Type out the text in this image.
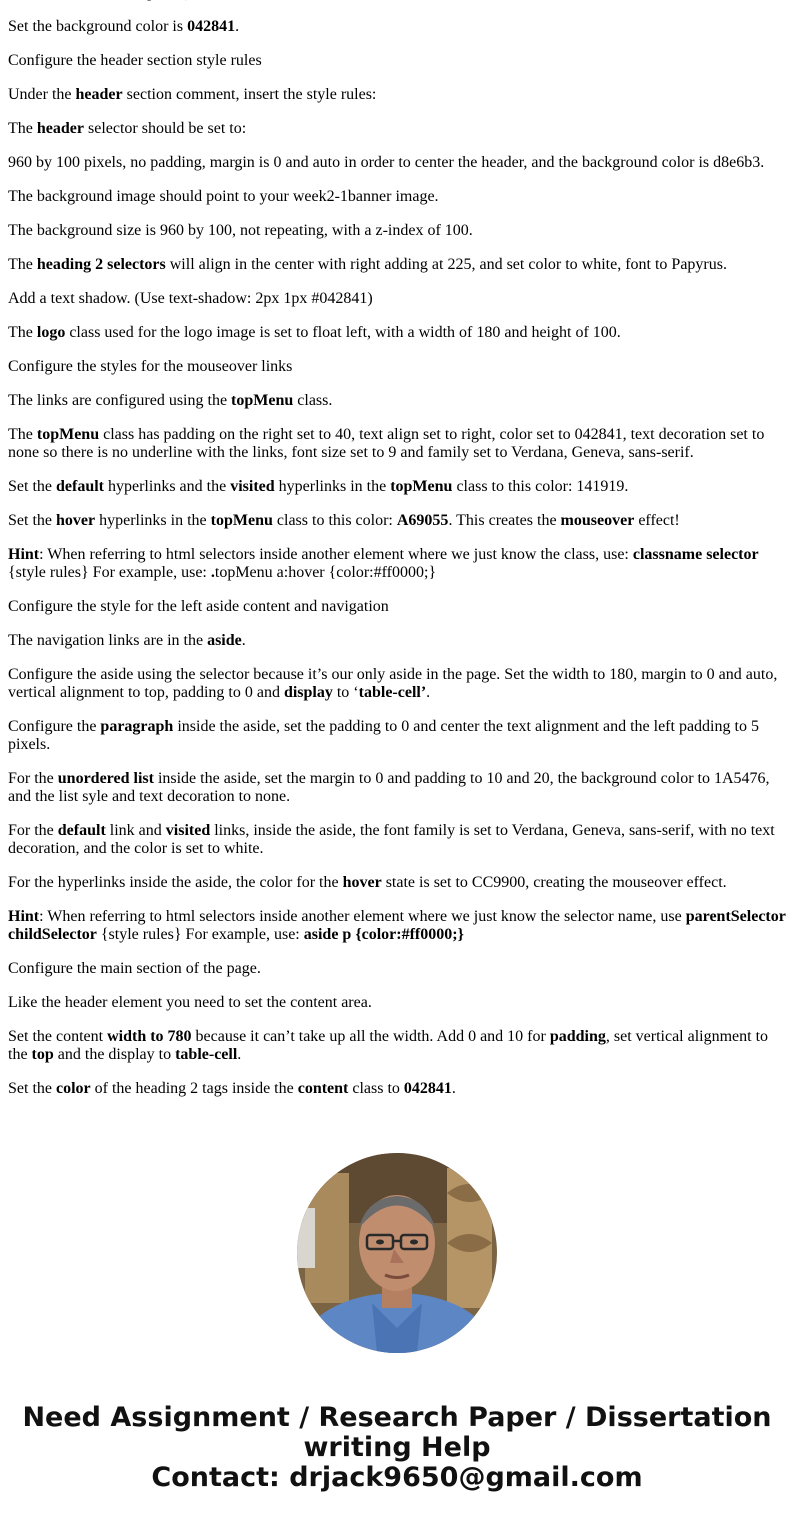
Set the background color is 042841.

Configure the header section style rules

Under the header section comment, insert the style rules:

The header selector should be set to:

960 by 100 pixels, no padding, margin is 0 and auto in order to center the header, and the background color is d8e6b3.

The background image should point to your week2-1banner image.

The background size is 960 by 100, not repeating, with a z-index of 100.

The heading 2 selectors will align in the center with right adding at 225, and set color to white, font to Papyrus.

Add a text shadow. (Use text-shadow: 2px 1px #042841)

The logo class used for the logo image is set to float left, with a width of 180 and height of 100.

Configure the styles for the mouseover links

The links are configured using the topMenu class.

The topMenu class has padding on the right set to 40, text align set to right, color set to 042841, text decoration set to none so there is no underline with the links, font size set to 9 and family set to Verdana, Geneva, sans-serif.

Set the default hyperlinks and the visited hyperlinks in the topMenu class to this color: 141919.

Set the hover hyperlinks in the topMenu class to this color: A69055. This creates the mouseover effect!

Hint: When referring to html selectors inside another element where we just know the class, use: classname selector {style rules} For example, use: .topMenu a:hover {color:#ff0000;}

Configure the style for the left aside content and navigation

The navigation links are in the aside.

Configure the aside using the selector because it’s our only aside in the page. Set the width to 180, margin to 0 and auto, vertical alignment to top, padding to 0 and display to ‘table-cell’.

Configure the paragraph inside the aside, set the padding to 0 and center the text alignment and the left padding to 5 pixels.

For the unordered list inside the aside, set the margin to 0 and padding to 10 and 20, the background color to 1A5476, and the list syle and text decoration to none.

For the default link and visited links, inside the aside, the font family is set to Verdana, Geneva, sans-serif, with no text decoration, and the color is set to white.

For the hyperlinks inside the aside, the color for the hover state is set to CC9900, creating the mouseover effect.

Hint: When referring to html selectors inside another element where we just know the selector name, use parentSelector childSelector {style rules} For example, use: aside p {color:#ff0000;}

Configure the main section of the page.

Like the header element you need to set the content area.

Set the content width to 780 because it can’t take up all the width. Add 0 and 10 for padding, set vertical alignment to the top and the display to table-cell.

Set the color of the heading 2 tags inside the content class to 042841.

Need Assignment / Research Paper / Dissertation
writing Help
Contact: drjack9650@gmail.com
